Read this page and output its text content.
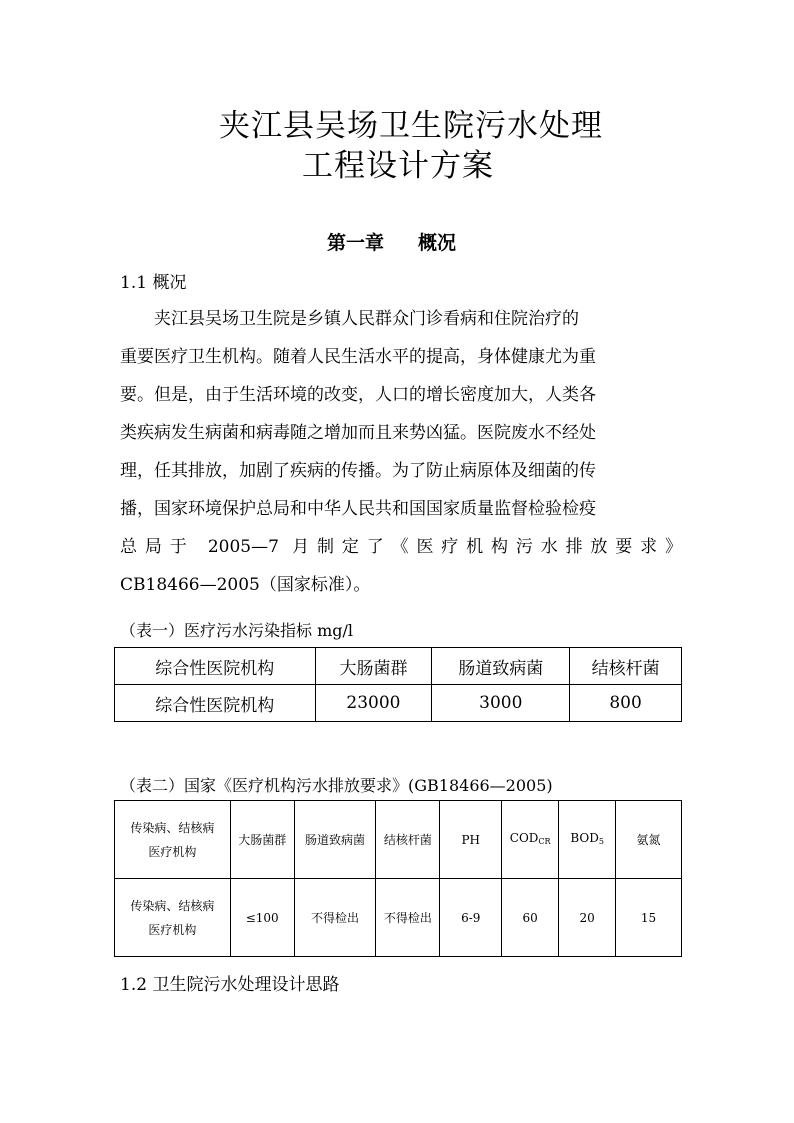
夹江县吴场卫生院污水处理
工程设计方案
第一章 概况
1.1 概况
　　夹江县吴场卫生院是乡镇人民群众门诊看病和住院治疗的
重要医疗卫生机构。随着人民生活水平的提高，身体健康尤为重
要。但是，由于生活环境的改变，人口的增长密度加大，人类各
类疾病发生病菌和病毒随之增加而且来势凶猛。医院废水不经处
理，任其排放，加剧了疾病的传播。为了防止病原体及细菌的传
播，国家环境保护总局和中华人民共和国国家质量监督检验检疫
总局于 2005—7 月制定了《医疗机构污水排放要求》
CB18466—2005（国家标准）。
（表一）医疗污水污染指标 mg/l
综合性医院机构	大肠菌群	肠道致病菌	结核杆菌
综合性医院机构	23000	3000	800
（表二）国家《医疗机构污水排放要求》(GB18466—2005)
传染病、结核病
医疗机构	大肠菌群	肠道致病菌	结核杆菌	PH	$COD_{CR}$	$BOD_5$	氨氮

传染病、结核病
医疗机构	≤100	不得检出	不得检出	6-9	60	20	15
1.2 卫生院污水处理设计思路
